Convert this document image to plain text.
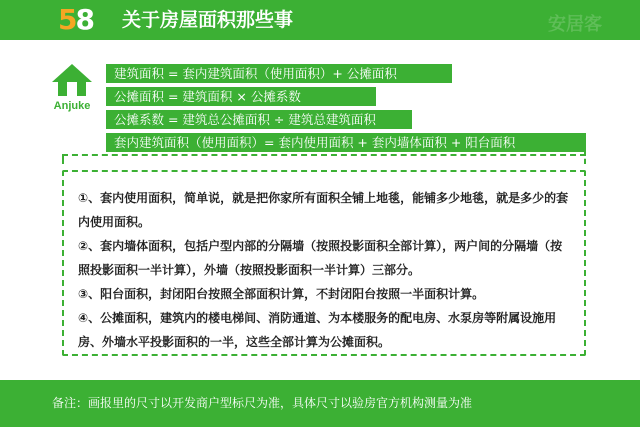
58	关于房屋面积那些事	安居客
Anjuke
建筑面积 = 套内建筑面积（使用面积）+ 公摊面积
公摊面积 = 建筑面积 × 公摊系数
公摊系数 = 建筑总公摊面积 ÷ 建筑总建筑面积
套内建筑面积（使用面积）= 套内使用面积 + 套内墙体面积 + 阳台面积

①、套内使用面积，简单说，就是把你家所有面积全铺上地毯，能铺多少地毯，就是多少的套内使用面积。

②、套内墙体面积，包括户型内部的分隔墙（按照投影面积全部计算），两户间的分隔墙（按照投影面积一半计算），外墙（按照投影面积一半计算）三部分。

③、阳台面积，封闭阳台按照全部面积计算，不封闭阳台按照一半面积计算。

④、公摊面积，建筑内的楼电梯间、消防通道、为本楼服务的配电房、水泵房等附属设施用房、外墙水平投影面积的一半，这些全部计算为公摊面积。

备注：画报里的尺寸以开发商户型标尺为准，具体尺寸以验房官方机构测量为准
